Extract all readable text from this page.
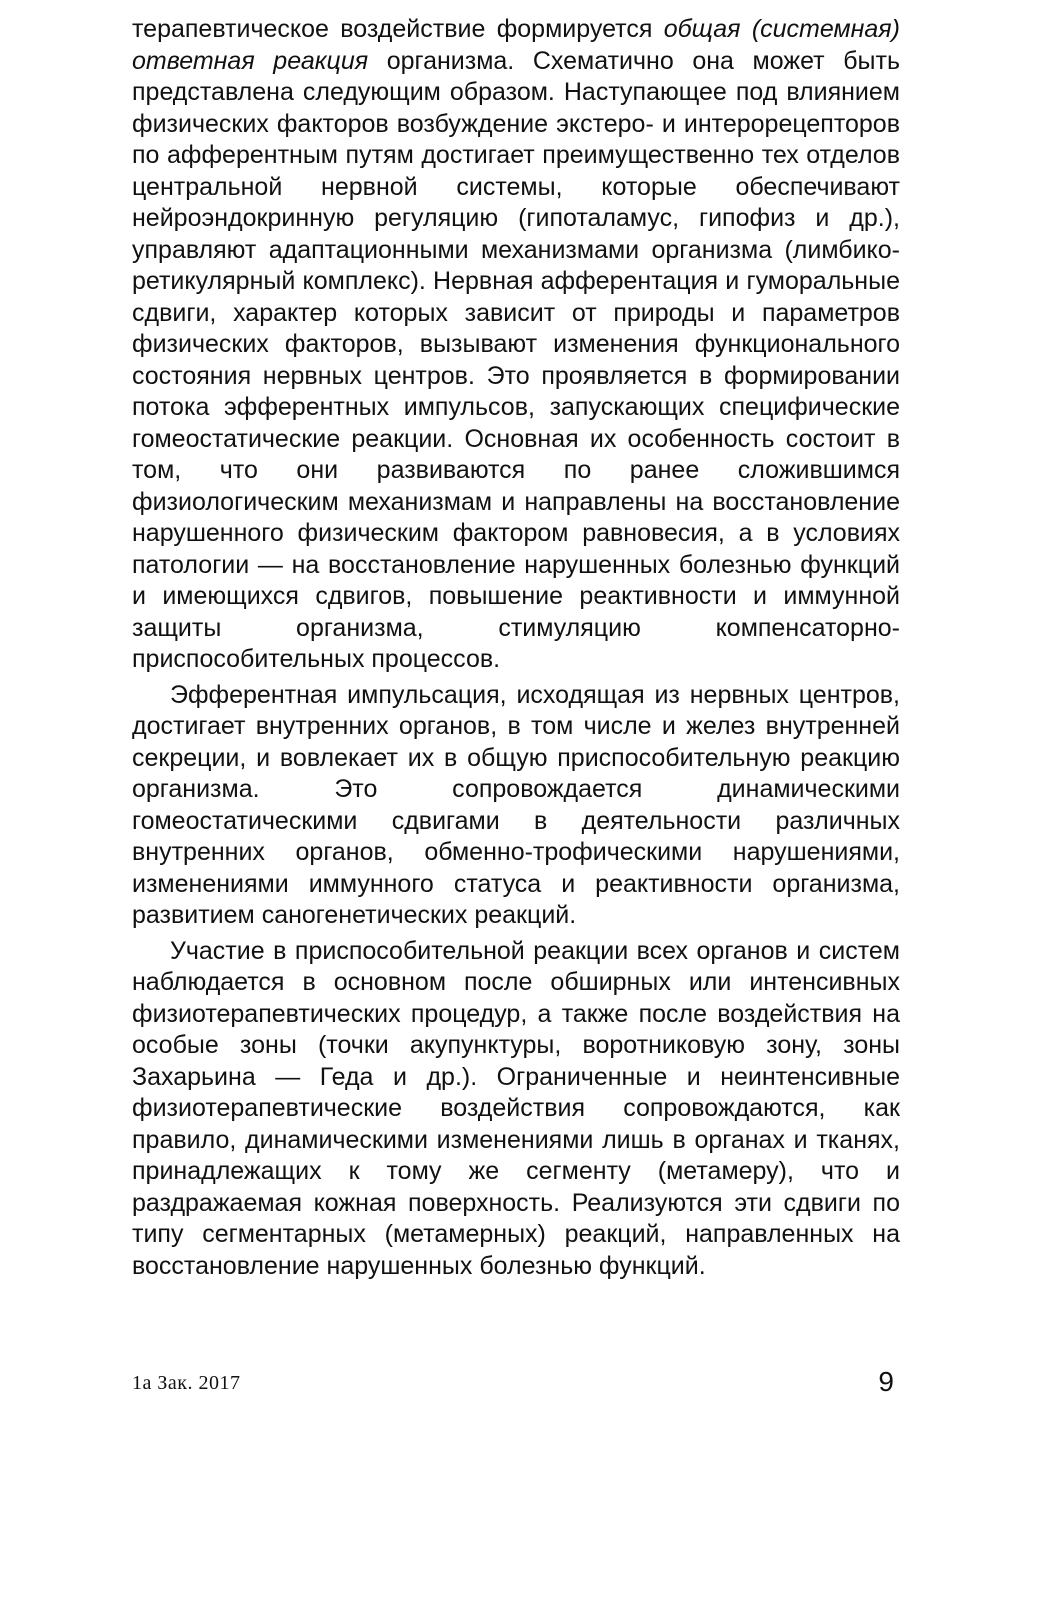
терапевтическое воздействие формируется общая (системная) ответная реакция организма. Схематично она может быть представлена следующим образом. Наступающее под влиянием физических факторов возбуждение экстеро- и интерорецепторов по афферентным путям достигает преимущественно тех отделов центральной нервной системы, которые обеспечивают нейроэндокринную регуляцию (гипоталамус, гипофиз и др.), управляют адаптационными механизмами организма (лимбико-ретикулярный комплекс). Нервная афферентация и гуморальные сдвиги, характер которых зависит от природы и параметров физических факторов, вызывают изменения функционального состояния нервных центров. Это проявляется в формировании потока эфферентных импульсов, запускающих специфические гомеостатические реакции. Основная их особенность состоит в том, что они развиваются по ранее сложившимся физиологическим механизмам и направлены на восстановление нарушенного физическим фактором равновесия, а в условиях патологии — на восстановление нарушенных болезнью функций и имеющихся сдвигов, повышение реактивности и иммунной защиты организма, стимуляцию компенсаторно-приспособительных процессов.

Эфферентная импульсация, исходящая из нервных центров, достигает внутренних органов, в том числе и желез внутренней секреции, и вовлекает их в общую приспособительную реакцию организма. Это сопровождается динамическими гомеостатическими сдвигами в деятельности различных внутренних органов, обменно-трофическими нарушениями, изменениями иммунного статуса и реактивности организма, развитием саногенетических реакций.

Участие в приспособительной реакции всех органов и систем наблюдается в основном после обширных или интенсивных физиотерапевтических процедур, а также после воздействия на особые зоны (точки акупунктуры, воротниковую зону, зоны Захарьина — Геда и др.). Ограниченные и неинтенсивные физиотерапевтические воздействия сопровождаются, как правило, динамическими изменениями лишь в органах и тканях, принадлежащих к тому же сегменту (метамеру), что и раздражаемая кожная поверхность. Реализуются эти сдвиги по типу сегментарных (метамерных) реакций, направленных на восстановление нарушенных болезнью функций.

1а Зак. 2017	9
